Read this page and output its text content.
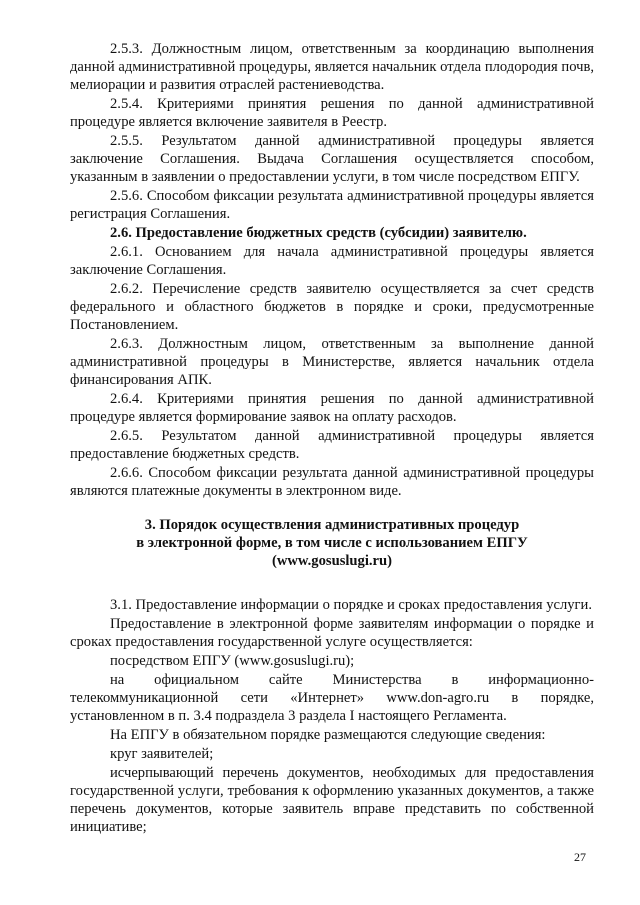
2.5.3. Должностным лицом, ответственным за координацию выполнения данной административной процедуры, является начальник отдела плодородия почв, мелиорации и развития отраслей растениеводства.

2.5.4. Критериями принятия решения по данной административной процедуре является включение заявителя в Реестр.

2.5.5. Результатом данной административной процедуры является заключение Соглашения. Выдача Соглашения осуществляется способом, указанным в заявлении о предоставлении услуги, в том числе посредством ЕПГУ.

2.5.6. Способом фиксации результата административной процедуры является регистрация Соглашения.

2.6. Предоставление бюджетных средств (субсидии) заявителю.

2.6.1. Основанием для начала административной процедуры является заключение Соглашения.

2.6.2. Перечисление средств заявителю осуществляется за счет средств федерального и областного бюджетов в порядке и сроки, предусмотренные Постановлением.

2.6.3. Должностным лицом, ответственным за выполнение данной административной процедуры в Министерстве, является начальник отдела финансирования АПК.

2.6.4. Критериями принятия решения по данной административной процедуре является формирование заявок на оплату расходов.

2.6.5. Результатом данной административной процедуры является предоставление бюджетных средств.

2.6.6. Способом фиксации результата данной административной процедуры являются платежные документы в электронном виде.

3. Порядок осуществления административных процедур
в электронной форме, в том числе с использованием ЕПГУ
(www.gosuslugi.ru)

3.1. Предоставление информации о порядке и сроках предоставления услуги.

Предоставление в электронной форме заявителям информации о порядке и сроках предоставления государственной услуге осуществляется:

посредством ЕПГУ (www.gosuslugi.ru);

на официальном сайте Министерства в информационно-телекоммуникационной сети «Интернет» www.don-agro.ru в порядке, установленном в п. 3.4 подраздела 3 раздела I настоящего Регламента.

На ЕПГУ в обязательном порядке размещаются следующие сведения:

круг заявителей;

исчерпывающий перечень документов, необходимых для предоставления государственной услуги, требования к оформлению указанных документов, а также перечень документов, которые заявитель вправе представить по собственной инициативе;

27
